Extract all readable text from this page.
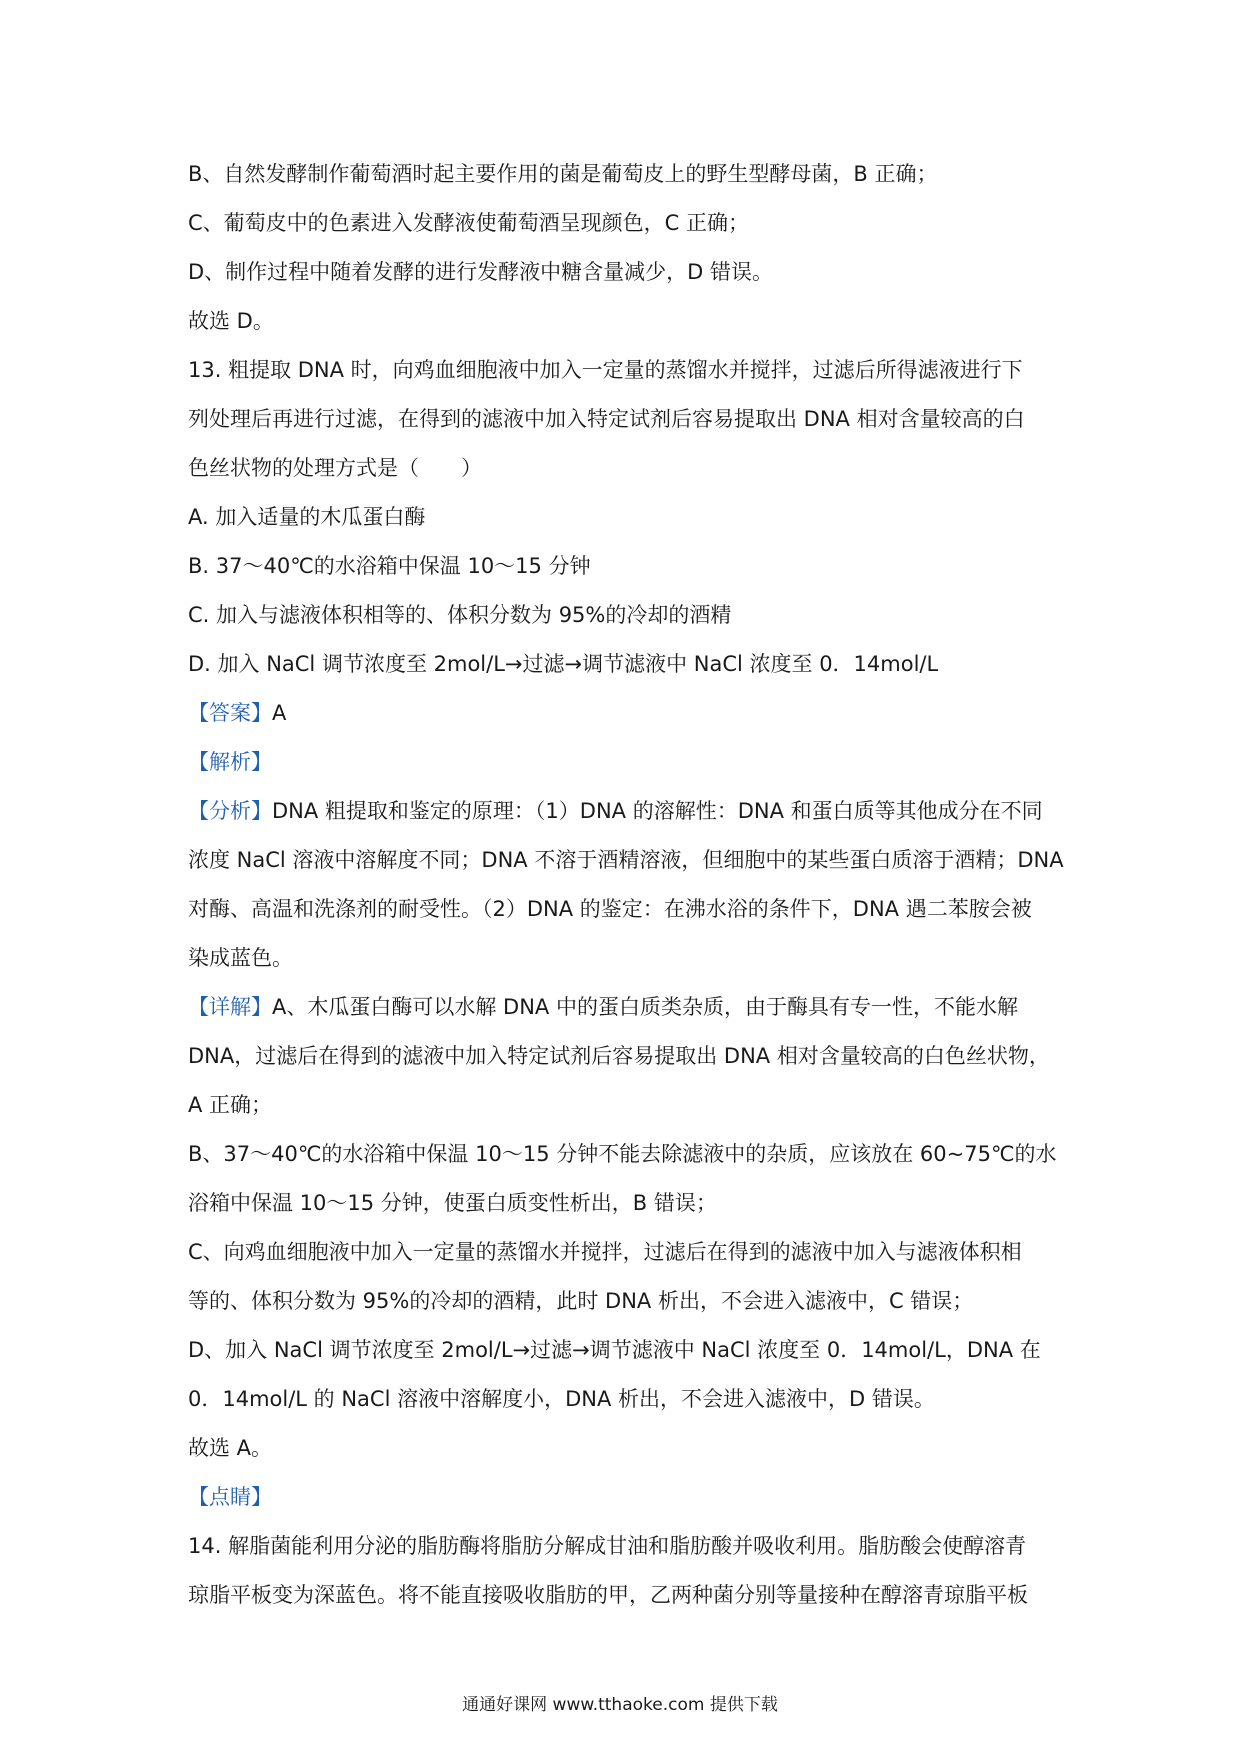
B、自然发酵制作葡萄酒时起主要作用的菌是葡萄皮上的野生型酵母菌，B 正确；
C、葡萄皮中的色素进入发酵液使葡萄酒呈现颜色，C 正确；
D、制作过程中随着发酵的进行发酵液中糖含量减少，D 错误。
故选 D。
13. 粗提取 DNA 时，向鸡血细胞液中加入一定量的蒸馏水并搅拌，过滤后所得滤液进行下
列处理后再进行过滤，在得到的滤液中加入特定试剂后容易提取出 DNA 相对含量较高的白
色丝状物的处理方式是（　　）
A. 加入适量的木瓜蛋白酶
B. 37～40℃的水浴箱中保温 10～15 分钟
C. 加入与滤液体积相等的、体积分数为 95%的冷却的酒精
D. 加入 NaCl 调节浓度至 2mol/L→过滤→调节滤液中 NaCl 浓度至 0．14mol/L
【答案】A
【解析】
【分析】DNA 粗提取和鉴定的原理：（1）DNA 的溶解性：DNA 和蛋白质等其他成分在不同
浓度 NaCl 溶液中溶解度不同；DNA 不溶于酒精溶液，但细胞中的某些蛋白质溶于酒精；DNA
对酶、高温和洗涤剂的耐受性。（2）DNA 的鉴定：在沸水浴的条件下，DNA 遇二苯胺会被
染成蓝色。
【详解】A、木瓜蛋白酶可以水解 DNA 中的蛋白质类杂质，由于酶具有专一性，不能水解
DNA，过滤后在得到的滤液中加入特定试剂后容易提取出 DNA 相对含量较高的白色丝状物，
A 正确；
B、37～40℃的水浴箱中保温 10～15 分钟不能去除滤液中的杂质，应该放在 60~75℃的水
浴箱中保温 10～15 分钟，使蛋白质变性析出，B 错误；
C、向鸡血细胞液中加入一定量的蒸馏水并搅拌，过滤后在得到的滤液中加入与滤液体积相
等的、体积分数为 95%的冷却的酒精，此时 DNA 析出，不会进入滤液中，C 错误；
D、加入 NaCl 调节浓度至 2mol/L→过滤→调节滤液中 NaCl 浓度至 0．14mol/L，DNA 在
0．14mol/L 的 NaCl 溶液中溶解度小，DNA 析出，不会进入滤液中，D 错误。
故选 A。
【点睛】
14. 解脂菌能利用分泌的脂肪酶将脂肪分解成甘油和脂肪酸并吸收利用。脂肪酸会使醇溶青
琼脂平板变为深蓝色。将不能直接吸收脂肪的甲，乙两种菌分别等量接种在醇溶青琼脂平板
通通好课网 www.tthaoke.com 提供下载
